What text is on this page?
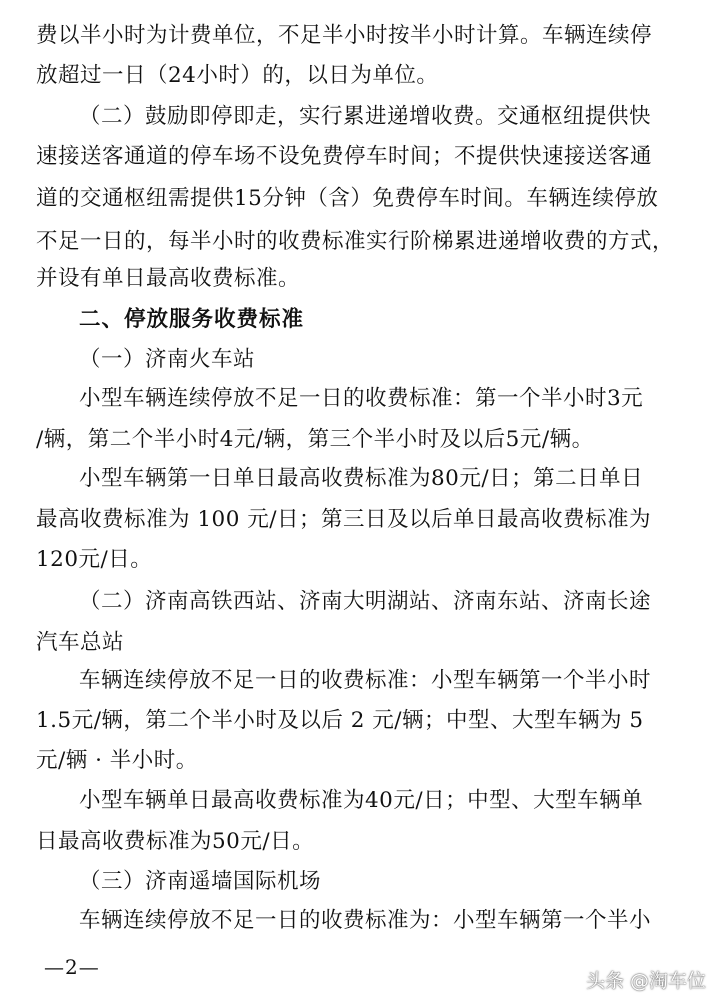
费以半小时为计费单位，不足半小时按半小时计算。车辆连续停
放超过一日（24小时）的，以日为单位。
（二）鼓励即停即走，实行累进递增收费。交通枢纽提供快
速接送客通道的停车场不设免费停车时间；不提供快速接送客通
道的交通枢纽需提供15分钟（含）免费停车时间。车辆连续停放
不足一日的，每半小时的收费标准实行阶梯累进递增收费的方式，
并设有单日最高收费标准。
二、停放服务收费标准
（一）济南火车站
小型车辆连续停放不足一日的收费标准：第一个半小时3元
/辆，第二个半小时4元/辆，第三个半小时及以后5元/辆。
小型车辆第一日单日最高收费标准为80元/日；第二日单日
最高收费标准为 100 元/日；第三日及以后单日最高收费标准为
120元/日。
（二）济南高铁西站、济南大明湖站、济南东站、济南长途
汽车总站
车辆连续停放不足一日的收费标准：小型车辆第一个半小时
1.5元/辆，第二个半小时及以后 2 元/辆；中型、大型车辆为 5
元/辆 · 半小时。
小型车辆单日最高收费标准为40元/日；中型、大型车辆单
日最高收费标准为50元/日。
（三）济南遥墙国际机场
车辆连续停放不足一日的收费标准为：小型车辆第一个半小
—2—
头条 @淘车位
